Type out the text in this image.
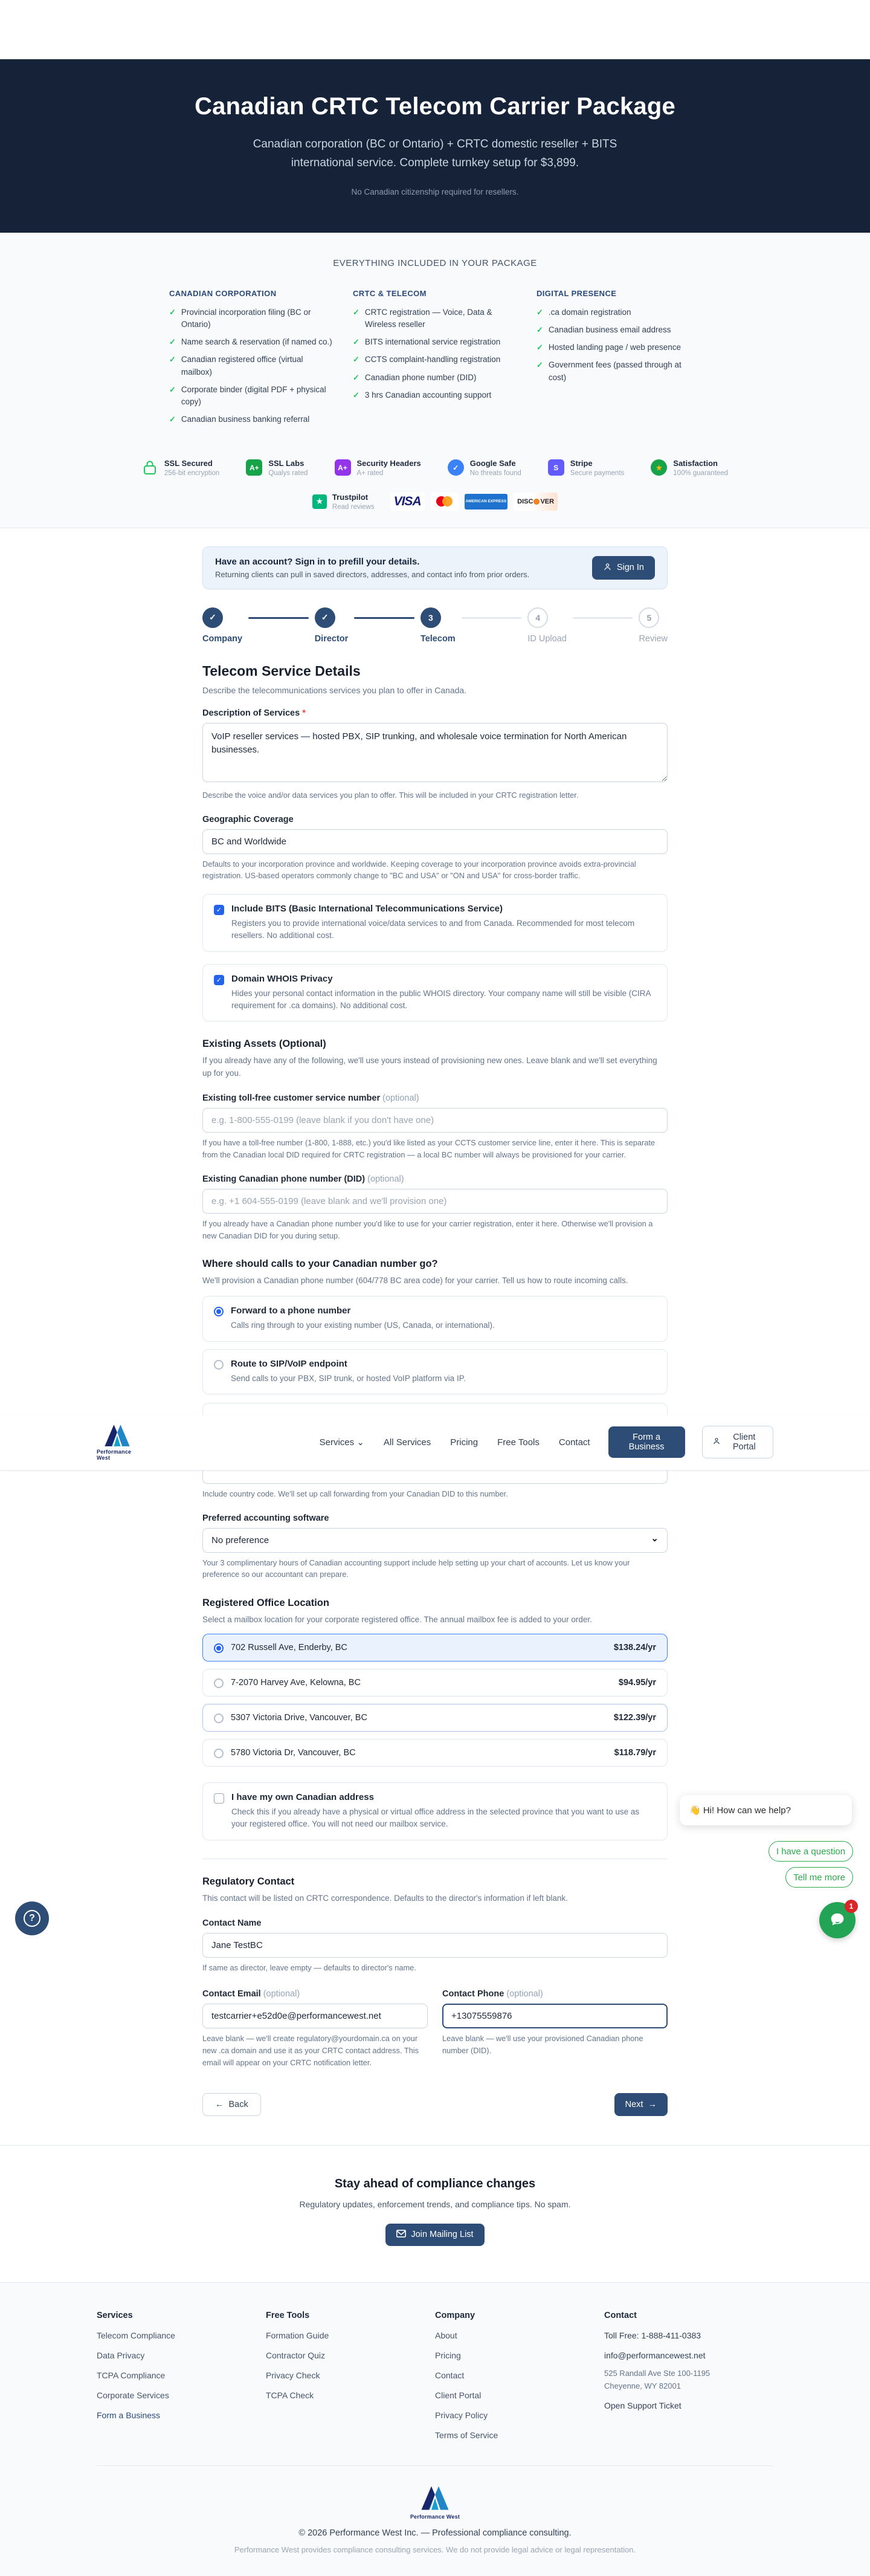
Canadian CRTC Telecom Carrier Package
Canadian corporation (BC or Ontario) + CRTC domestic reseller + BITS international service. Complete turnkey setup for $3,899.
No Canadian citizenship required for resellers.
EVERYTHING INCLUDED IN YOUR PACKAGE
CANADIAN CORPORATION
✓ Provincial incorporation filing (BC or Ontario)
✓ Name search & reservation (if named co.)
✓ Canadian registered office (virtual mailbox)
✓ Corporate binder (digital PDF + physical copy)
✓ Canadian business banking referral
CRTC & TELECOM
✓ CRTC registration — Voice, Data & Wireless reseller
✓ BITS international service registration
✓ CCTS complaint-handling registration
✓ Canadian phone number (DID)
✓ 3 hrs Canadian accounting support
DIGITAL PRESENCE
✓ .ca domain registration
✓ Canadian business email address
✓ Hosted landing page / web presence
✓ Government fees (passed through at cost)
SSL Secured
256-bit encryption
A+	SSL Labs
Qualys rated
A+	Security Headers
A+ rated
✓	Google Safe
No threats found
S	Stripe
Secure payments
★	Satisfaction
100% guaranteed
★	Trustpilot
Read reviews VISA	AMERICAN EXPRESS DISC VER
Have an account? Sign in to prefill your details.
Returning clients can pull in saved directors, addresses, and contact info from prior orders.
Sign In
✓
Company
✓
Director
3
Telecom
4
ID Upload
5
Review
Telecom Service Details
Describe the telecommunications services you plan to offer in Canada.
Description of Services *
VoIP reseller services — hosted PBX, SIP trunking, and wholesale voice termination for North American businesses.
Describe the voice and/or data services you plan to offer. This will be included in your CRTC registration letter.
Geographic Coverage
BC and Worldwide
Defaults to your incorporation province and worldwide. Keeping coverage to your incorporation province avoids extra-provincial registration. US-based operators commonly change to "BC and USA" or "ON and USA" for cross-border traffic.
✓ Include BITS (Basic International Telecommunications Service)
Registers you to provide international voice/data services to and from Canada. Recommended for most telecom resellers. No additional cost.
✓ Domain WHOIS Privacy
Hides your personal contact information in the public WHOIS directory. Your company name will still be visible (CIRA requirement for .ca domains). No additional cost.
Existing Assets (Optional)
If you already have any of the following, we'll use yours instead of provisioning new ones. Leave blank and we'll set everything up for you.
Existing toll-free customer service number (optional)
e.g. 1-800-555-0199 (leave blank if you don't have one)
If you have a toll-free number (1-800, 1-888, etc.) you'd like listed as your CCTS customer service line, enter it here. This is separate from the Canadian local DID required for CRTC registration — a local BC number will always be provisioned for your carrier.
Existing Canadian phone number (DID) (optional)
e.g. +1 604-555-0199 (leave blank and we'll provision one)
If you already have a Canadian phone number you'd like to use for your carrier registration, enter it here. Otherwise we'll provision a new Canadian DID for you during setup.
Where should calls to your Canadian number go?
We'll provision a Canadian phone number (604/778 BC area code) for your carrier. Tell us how to route incoming calls.
Forward to a phone number
Calls ring through to your existing number (US, Canada, or international).
Route to SIP/VoIP endpoint
Send calls to your PBX, SIP trunk, or hosted VoIP platform via IP.
Performance West
Services ⌄ All Services Pricing Free Tools Contact	Form a Business
Client Portal
Include country code. We'll set up call forwarding from your Canadian DID to this number.
Preferred accounting software
No preference	⌄
Your 3 complimentary hours of Canadian accounting support include help setting up your chart of accounts. Let us know your preference so our accountant can prepare.
Registered Office Location
Select a mailbox location for your corporate registered office. The annual mailbox fee is added to your order.
702 Russell Ave, Enderby, BC	$138.24/yr
7-2070 Harvey Ave, Kelowna, BC	$94.95/yr
5307 Victoria Drive, Vancouver, BC	$122.39/yr
5780 Victoria Dr, Vancouver, BC	$118.79/yr
I have my own Canadian address
Check this if you already have a physical or virtual office address in the selected province that you want to use as your registered office. You will not need our mailbox service.
Regulatory Contact
This contact will be listed on CRTC correspondence. Defaults to the director's information if left blank.
Contact Name
Jane TestBC
If same as director, leave empty — defaults to director's name.
Contact Email (optional)
testcarrier+e52d0e@performancewest.net
Leave blank — we'll create regulatory@yourdomain.ca on your new .ca domain and use it as your CRTC contact address. This email will appear on your CRTC notification letter.
Contact Phone (optional)
+13075559876
Leave blank — we'll use your provisioned Canadian phone number (DID).
← Back	Next →
Stay ahead of compliance changes
Regulatory updates, enforcement trends, and compliance tips. No spam.
Join Mailing List
Services
Telecom Compliance
Data Privacy
TCPA Compliance
Corporate Services
Form a Business
Free Tools
Formation Guide
Contractor Quiz
Privacy Check
TCPA Check
Company
About
Pricing
Contact
Client Portal
Privacy Policy
Terms of Service
Contact
Toll Free: 1-888-411-0383
info@performancewest.net
525 Randall Ave Ste 100-1195
Cheyenne, WY 82001
Open Support Ticket
Performance West
© 2026 Performance West Inc. — Professional compliance consulting.
Performance West provides compliance consulting services. We do not provide legal advice or legal representation.
👋 Hi! How can we help?
I have a question
Tell me more
1
?
